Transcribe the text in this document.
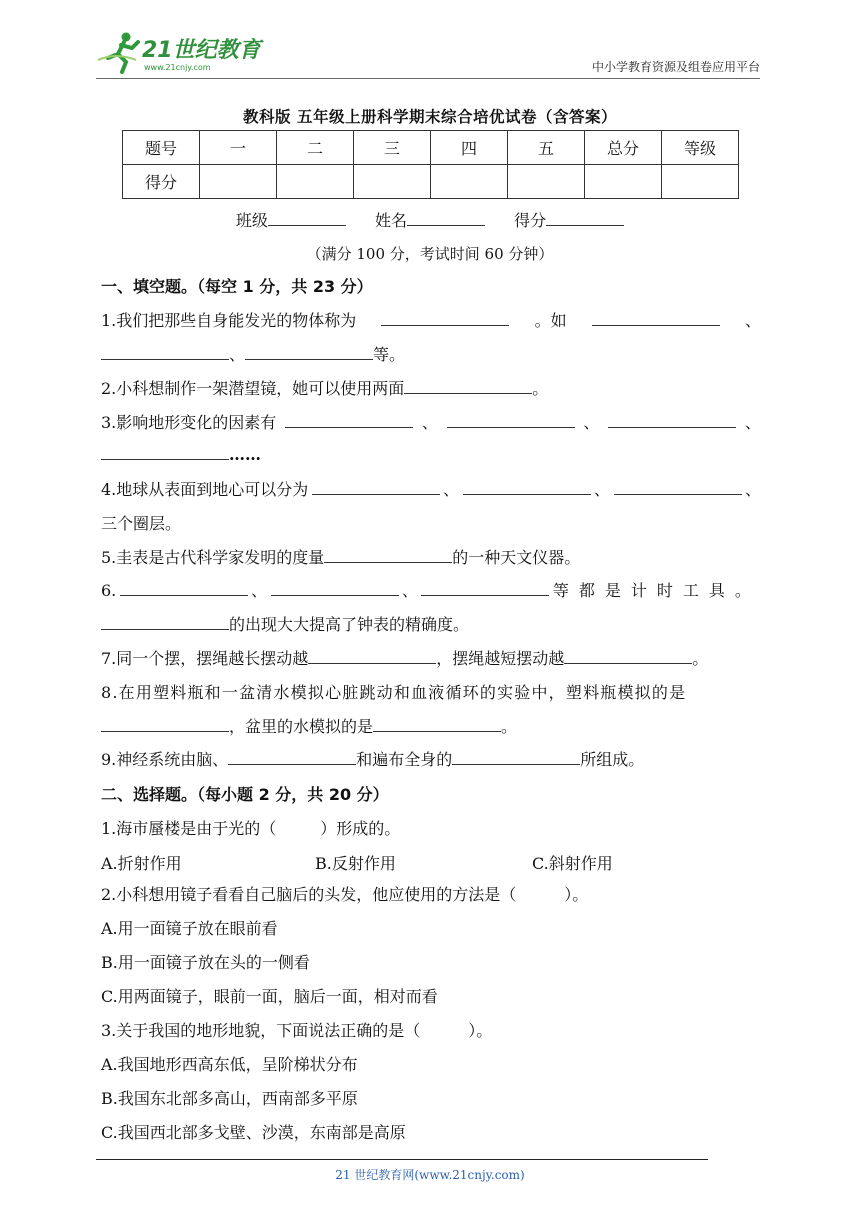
21世纪教育
www.21cnjy.com	中小学教育资源及组卷应用平台
教科版 五年级上册科学期末综合培优试卷（含答案）
题号	一	二	三	四	五	总分	等级
得分							
班级	姓名	得分
（满分 100 分，考试时间 60 分钟）
一、填空题。（每空 1 分，共 23 分）
1.我们把那些自身能发光的物体称为	。如	、
、	等。
2.小科想制作一架潜望镜，她可以使用两面	。
3.影响地形变化的因素有	、	、	、
……
4.地球从表面到地心可以分为	、	、	、
三个圈层。
5.圭表是古代科学家发明的度量	的一种天文仪器。
6.	、	、	等都是计时工具。
的出现大大提高了钟表的精确度。
7.同一个摆，摆绳越长摆动越	，摆绳越短摆动越	。
8.在用塑料瓶和一盆清水模拟心脏跳动和血液循环的实验中，塑料瓶模拟的是
，盆里的水模拟的是	。
9.神经系统由脑、	和遍布全身的	所组成。
二、选择题。（每小题 2 分，共 20 分）
1.海市蜃楼是由于光的（	）形成的。
A.折射作用	B.反射作用	C.斜射作用
2.小科想用镜子看看自己脑后的头发，他应使用的方法是（	）。
A.用一面镜子放在眼前看
B.用一面镜子放在头的一侧看
C.用两面镜子，眼前一面，脑后一面，相对而看
3.关于我国的地形地貌，下面说法正确的是（	）。
A.我国地形西高东低，呈阶梯状分布
B.我国东北部多高山，西南部多平原
C.我国西北部多戈壁、沙漠，东南部是高原
21 世纪教育网(www.21cnjy.com)
